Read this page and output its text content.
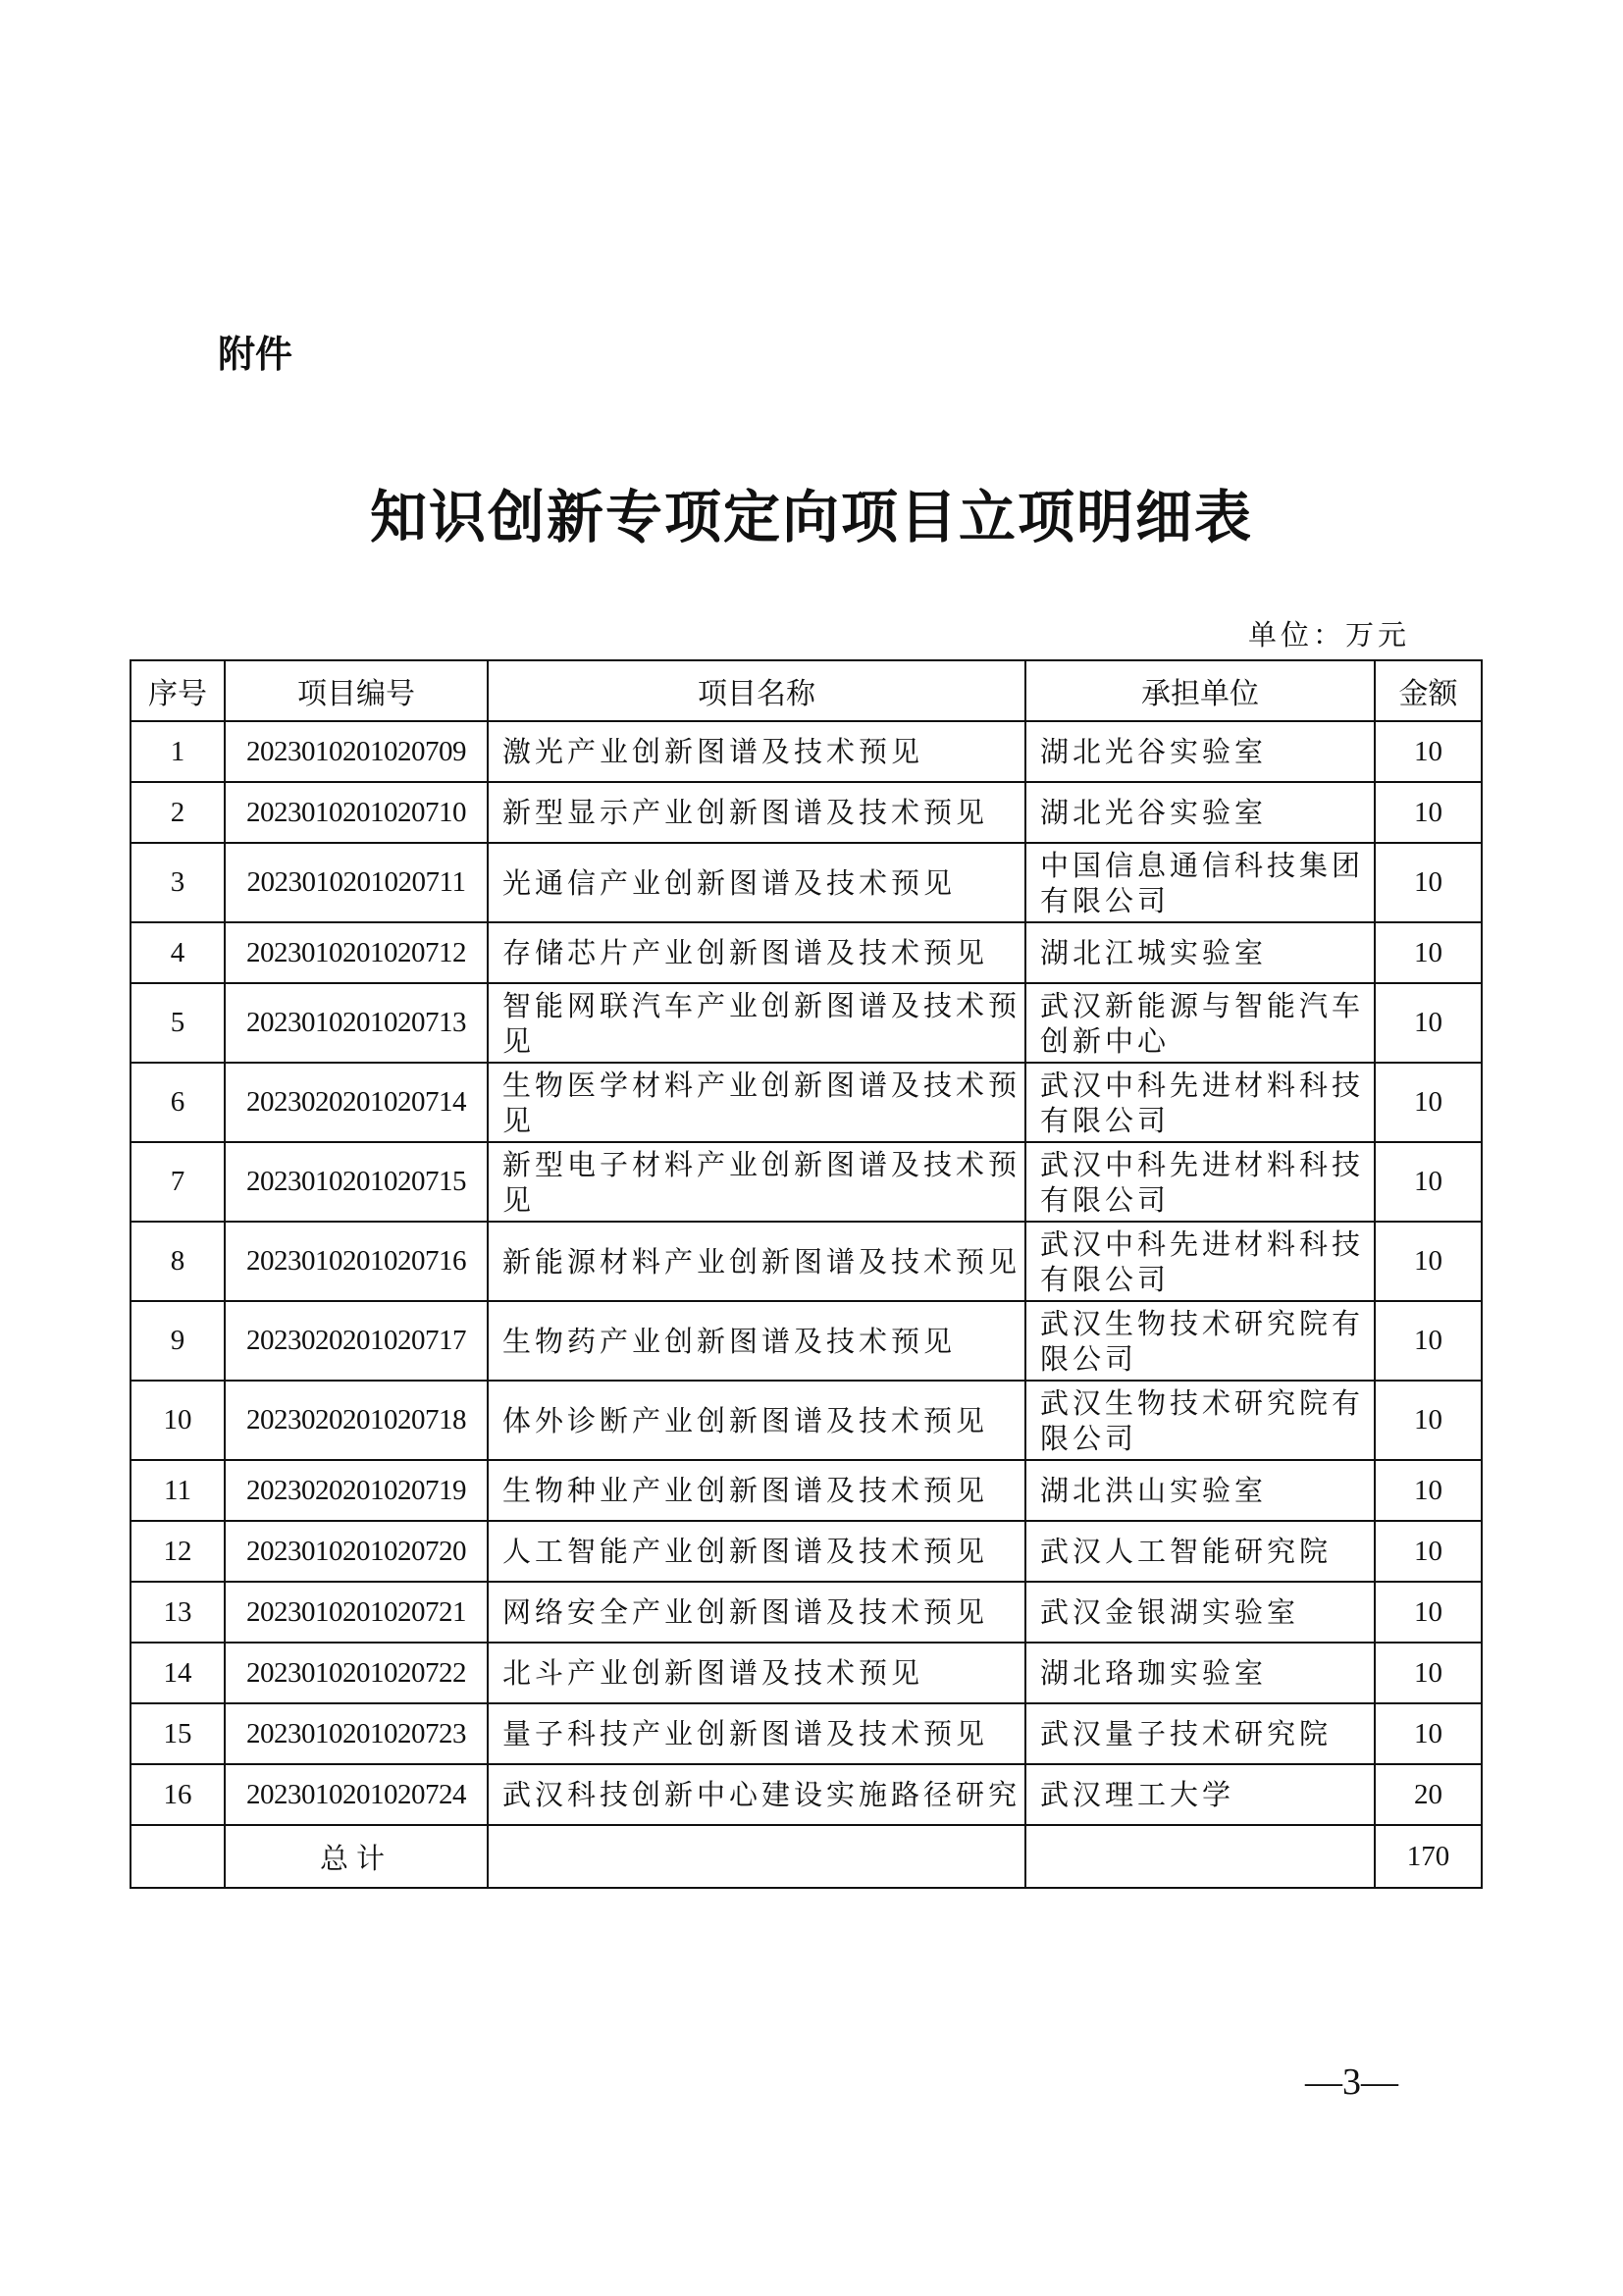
附件
知识创新专项定向项目立项明细表
单位：万元
序号	项目编号	项目名称	承担单位	金额
1	2023010201020709	激光产业创新图谱及技术预见	湖北光谷实验室	10
2	2023010201020710	新型显示产业创新图谱及技术预见	湖北光谷实验室	10
3	2023010201020711	光通信产业创新图谱及技术预见	中国信息通信科技集团有限公司	10
4	2023010201020712	存储芯片产业创新图谱及技术预见	湖北江城实验室	10
5	2023010201020713	智能网联汽车产业创新图谱及技术预见	武汉新能源与智能汽车创新中心	10
6	2023020201020714	生物医学材料产业创新图谱及技术预见	武汉中科先进材料科技有限公司	10
7	2023010201020715	新型电子材料产业创新图谱及技术预见	武汉中科先进材料科技有限公司	10
8	2023010201020716	新能源材料产业创新图谱及技术预见	武汉中科先进材料科技有限公司	10
9	2023020201020717	生物药产业创新图谱及技术预见	武汉生物技术研究院有限公司	10
10	2023020201020718	体外诊断产业创新图谱及技术预见	武汉生物技术研究院有限公司	10
11	2023020201020719	生物种业产业创新图谱及技术预见	湖北洪山实验室	10
12	2023010201020720	人工智能产业创新图谱及技术预见	武汉人工智能研究院	10
13	2023010201020721	网络安全产业创新图谱及技术预见	武汉金银湖实验室	10
14	2023010201020722	北斗产业创新图谱及技术预见	湖北珞珈实验室	10
15	2023010201020723	量子科技产业创新图谱及技术预见	武汉量子技术研究院	10
16	2023010201020724	武汉科技创新中心建设实施路径研究	武汉理工大学	20
	总计			170
—3—
